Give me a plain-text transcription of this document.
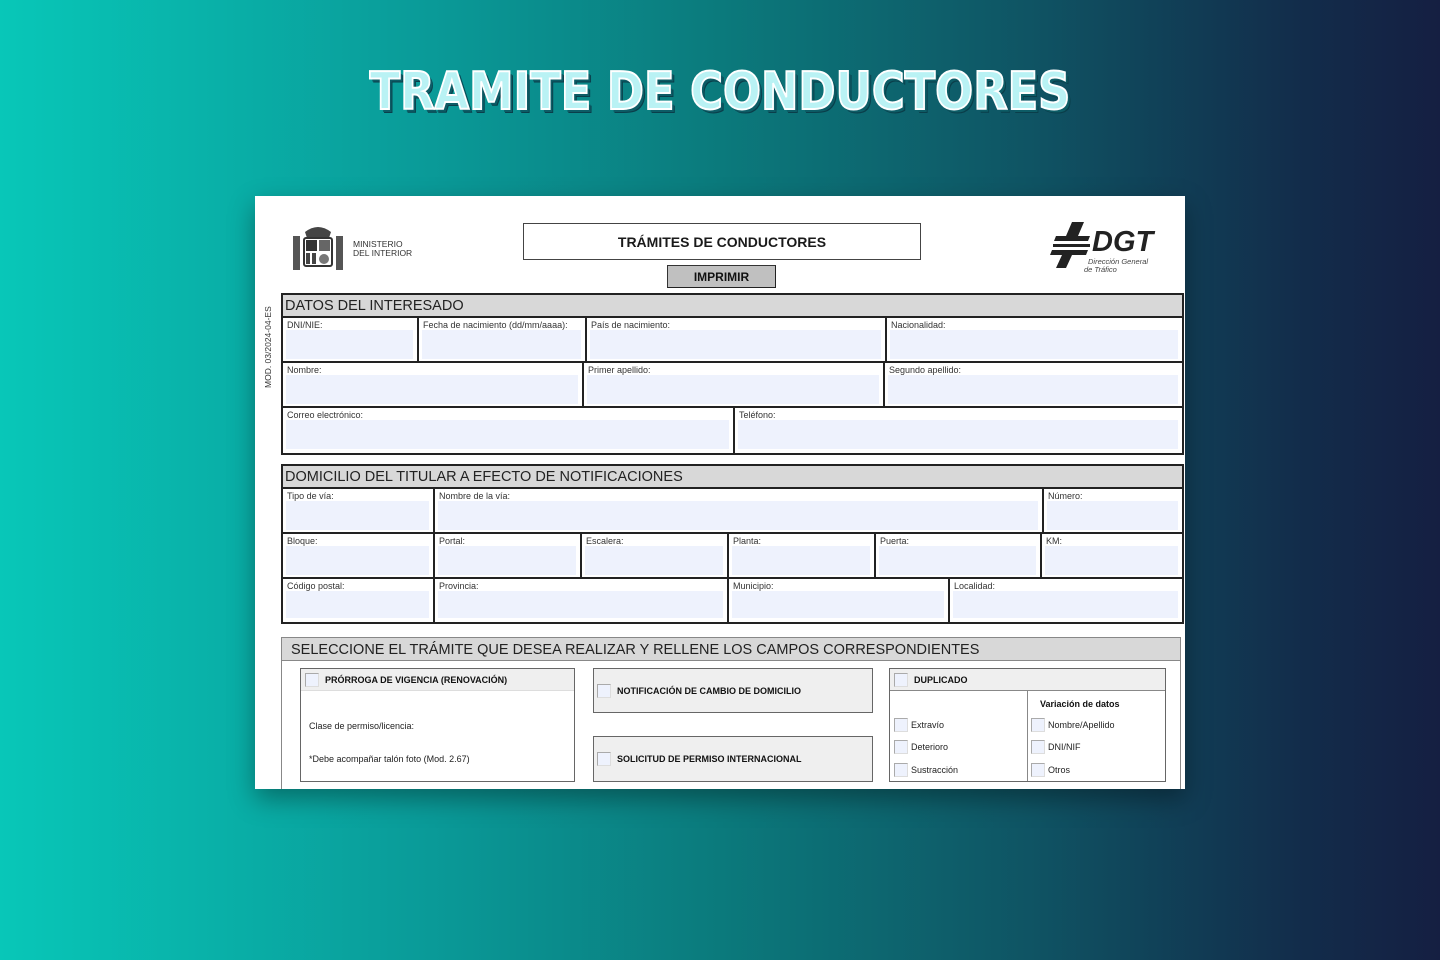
TRAMITE DE CONDUCTORES
MINISTERIO
DEL INTERIOR
TRÁMITES DE CONDUCTORES
IMPRIMIR
DGT
Dirección General
de Tráfico
MOD. 03/2024-04-ES
DATOS DEL INTERESADO
DNI/NIE:	Fecha de nacimiento (dd/mm/aaaa):	País de nacimiento:	Nacionalidad:
Nombre:	Primer apellido:	Segundo apellido:
Correo electrónico:	Teléfono:
DOMICILIO DEL TITULAR A EFECTO DE NOTIFICACIONES
Tipo de vía:	Nombre de la vía:	Número:
Bloque:	Portal:	Escalera:	Planta:	Puerta:	KM:
Código postal:	Provincia:	Municipio:	Localidad:
SELECCIONE EL TRÁMITE QUE DESEA REALIZAR Y RELLENE LOS CAMPOS CORRESPONDIENTES
PRÓRROGA DE VIGENCIA (RENOVACIÓN)
Clase de permiso/licencia:
*Debe acompañar talón foto (Mod. 2.67)
NOTIFICACIÓN DE CAMBIO DE DOMICILIO
SOLICITUD DE PERMISO INTERNACIONAL
DUPLICADO
Variación de datos
Extravío
Deterioro
Sustracción
Nombre/Apellido
DNI/NIF
Otros
